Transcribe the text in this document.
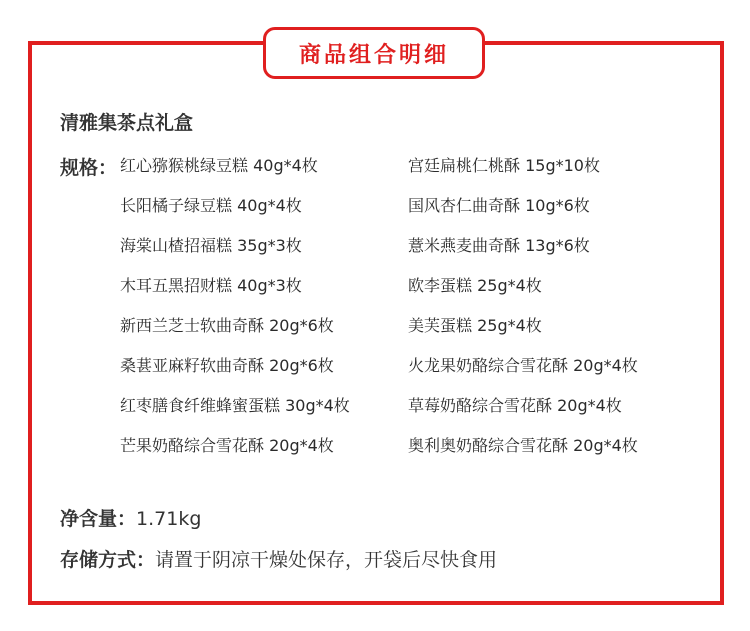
商品组合明细
清雅集茶点礼盒
规格： 红心猕猴桃绿豆糕 40g*4枚
长阳橘子绿豆糕 40g*4枚
海棠山楂招福糕 35g*3枚
木耳五黑招财糕 40g*3枚
新西兰芝士软曲奇酥 20g*6枚
桑葚亚麻籽软曲奇酥 20g*6枚
红枣膳食纤维蜂蜜蛋糕 30g*4枚
芒果奶酪综合雪花酥 20g*4枚
宫廷扁桃仁桃酥 15g*10枚
国风杏仁曲奇酥 10g*6枚
薏米燕麦曲奇酥 13g*6枚
欧李蛋糕 25g*4枚
美芙蛋糕 25g*4枚
火龙果奶酪综合雪花酥 20g*4枚
草莓奶酪综合雪花酥 20g*4枚
奥利奥奶酪综合雪花酥 20g*4枚
净含量：1.71kg
存储方式：请置于阴凉干燥处保存，开袋后尽快食用
